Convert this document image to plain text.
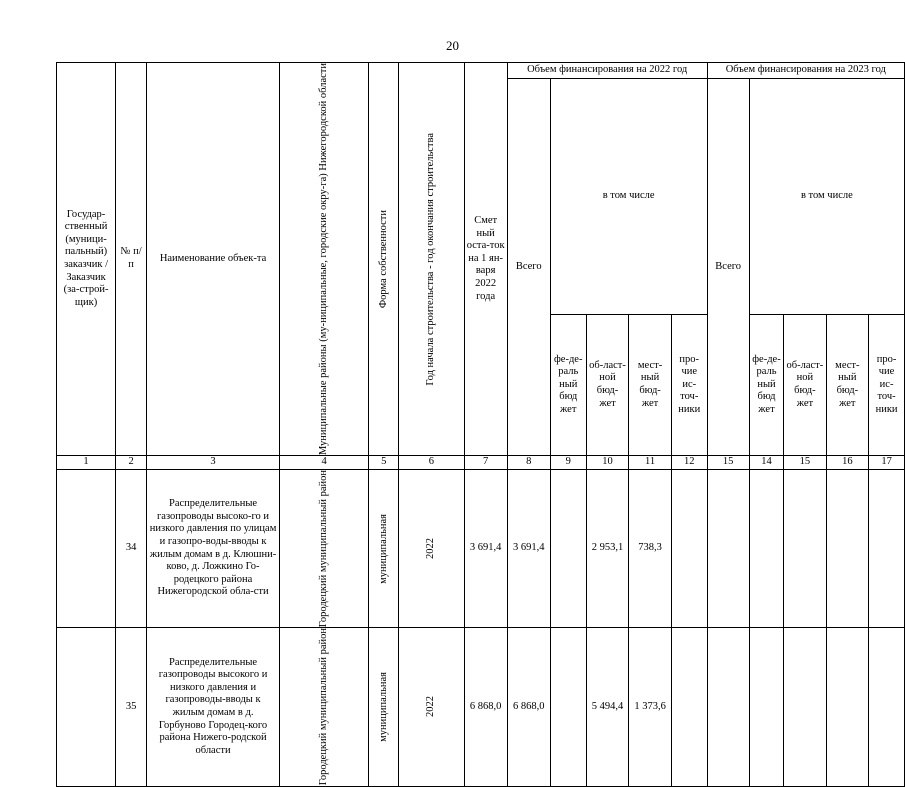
20
Государ-ственный (муници-пальный) заказчик / Заказчик (за-строй-щик)	№ п/п	Наименование объек-та	Муниципальные районы (му-ниципальные, городские окру-га) Нижегородской области	Форма собственности	Год начала строительства - год окончания строительства	Смет ный оста-ток на 1 ян-варя 2022 года	Объем финансирования на 2022 год					Объем финансирования на 2023 год				
							Всего	в том числе				Всего	в том числе			
								фе-де-раль ный бюд жет	об-ласт-ной бюд-жет	мест-ный бюд-жет	про-чие ис-точ-ники		фе-де-раль ный бюд жет	об-ласт-ной бюд-жет	мест-ный бюд-жет	про-чие ис-точ-ники
1	2	3	4	5	6	7	8	9	10	11	12	15	14	15	16	17
	34	Распределительные газопроводы высоко-го и низкого давления по улицам и газопро-воды-вводы к жилым домам в д. Клюшни-ково, д. Ложкино Го-родецкого района Нижегородской обла-сти	Городецкий муниципальный район	муниципальная	2022	3 691,4	3 691,4		2 953,1	738,3						
	35	Распределительные газопроводы высокого и низкого давления и газопроводы-вводы к жилым домам в д. Горбуново Городец-кого района Нижего-родской области	Городецкий муниципальный район	муниципальная	2022	6 868,0	6 868,0		5 494,4	1 373,6						
